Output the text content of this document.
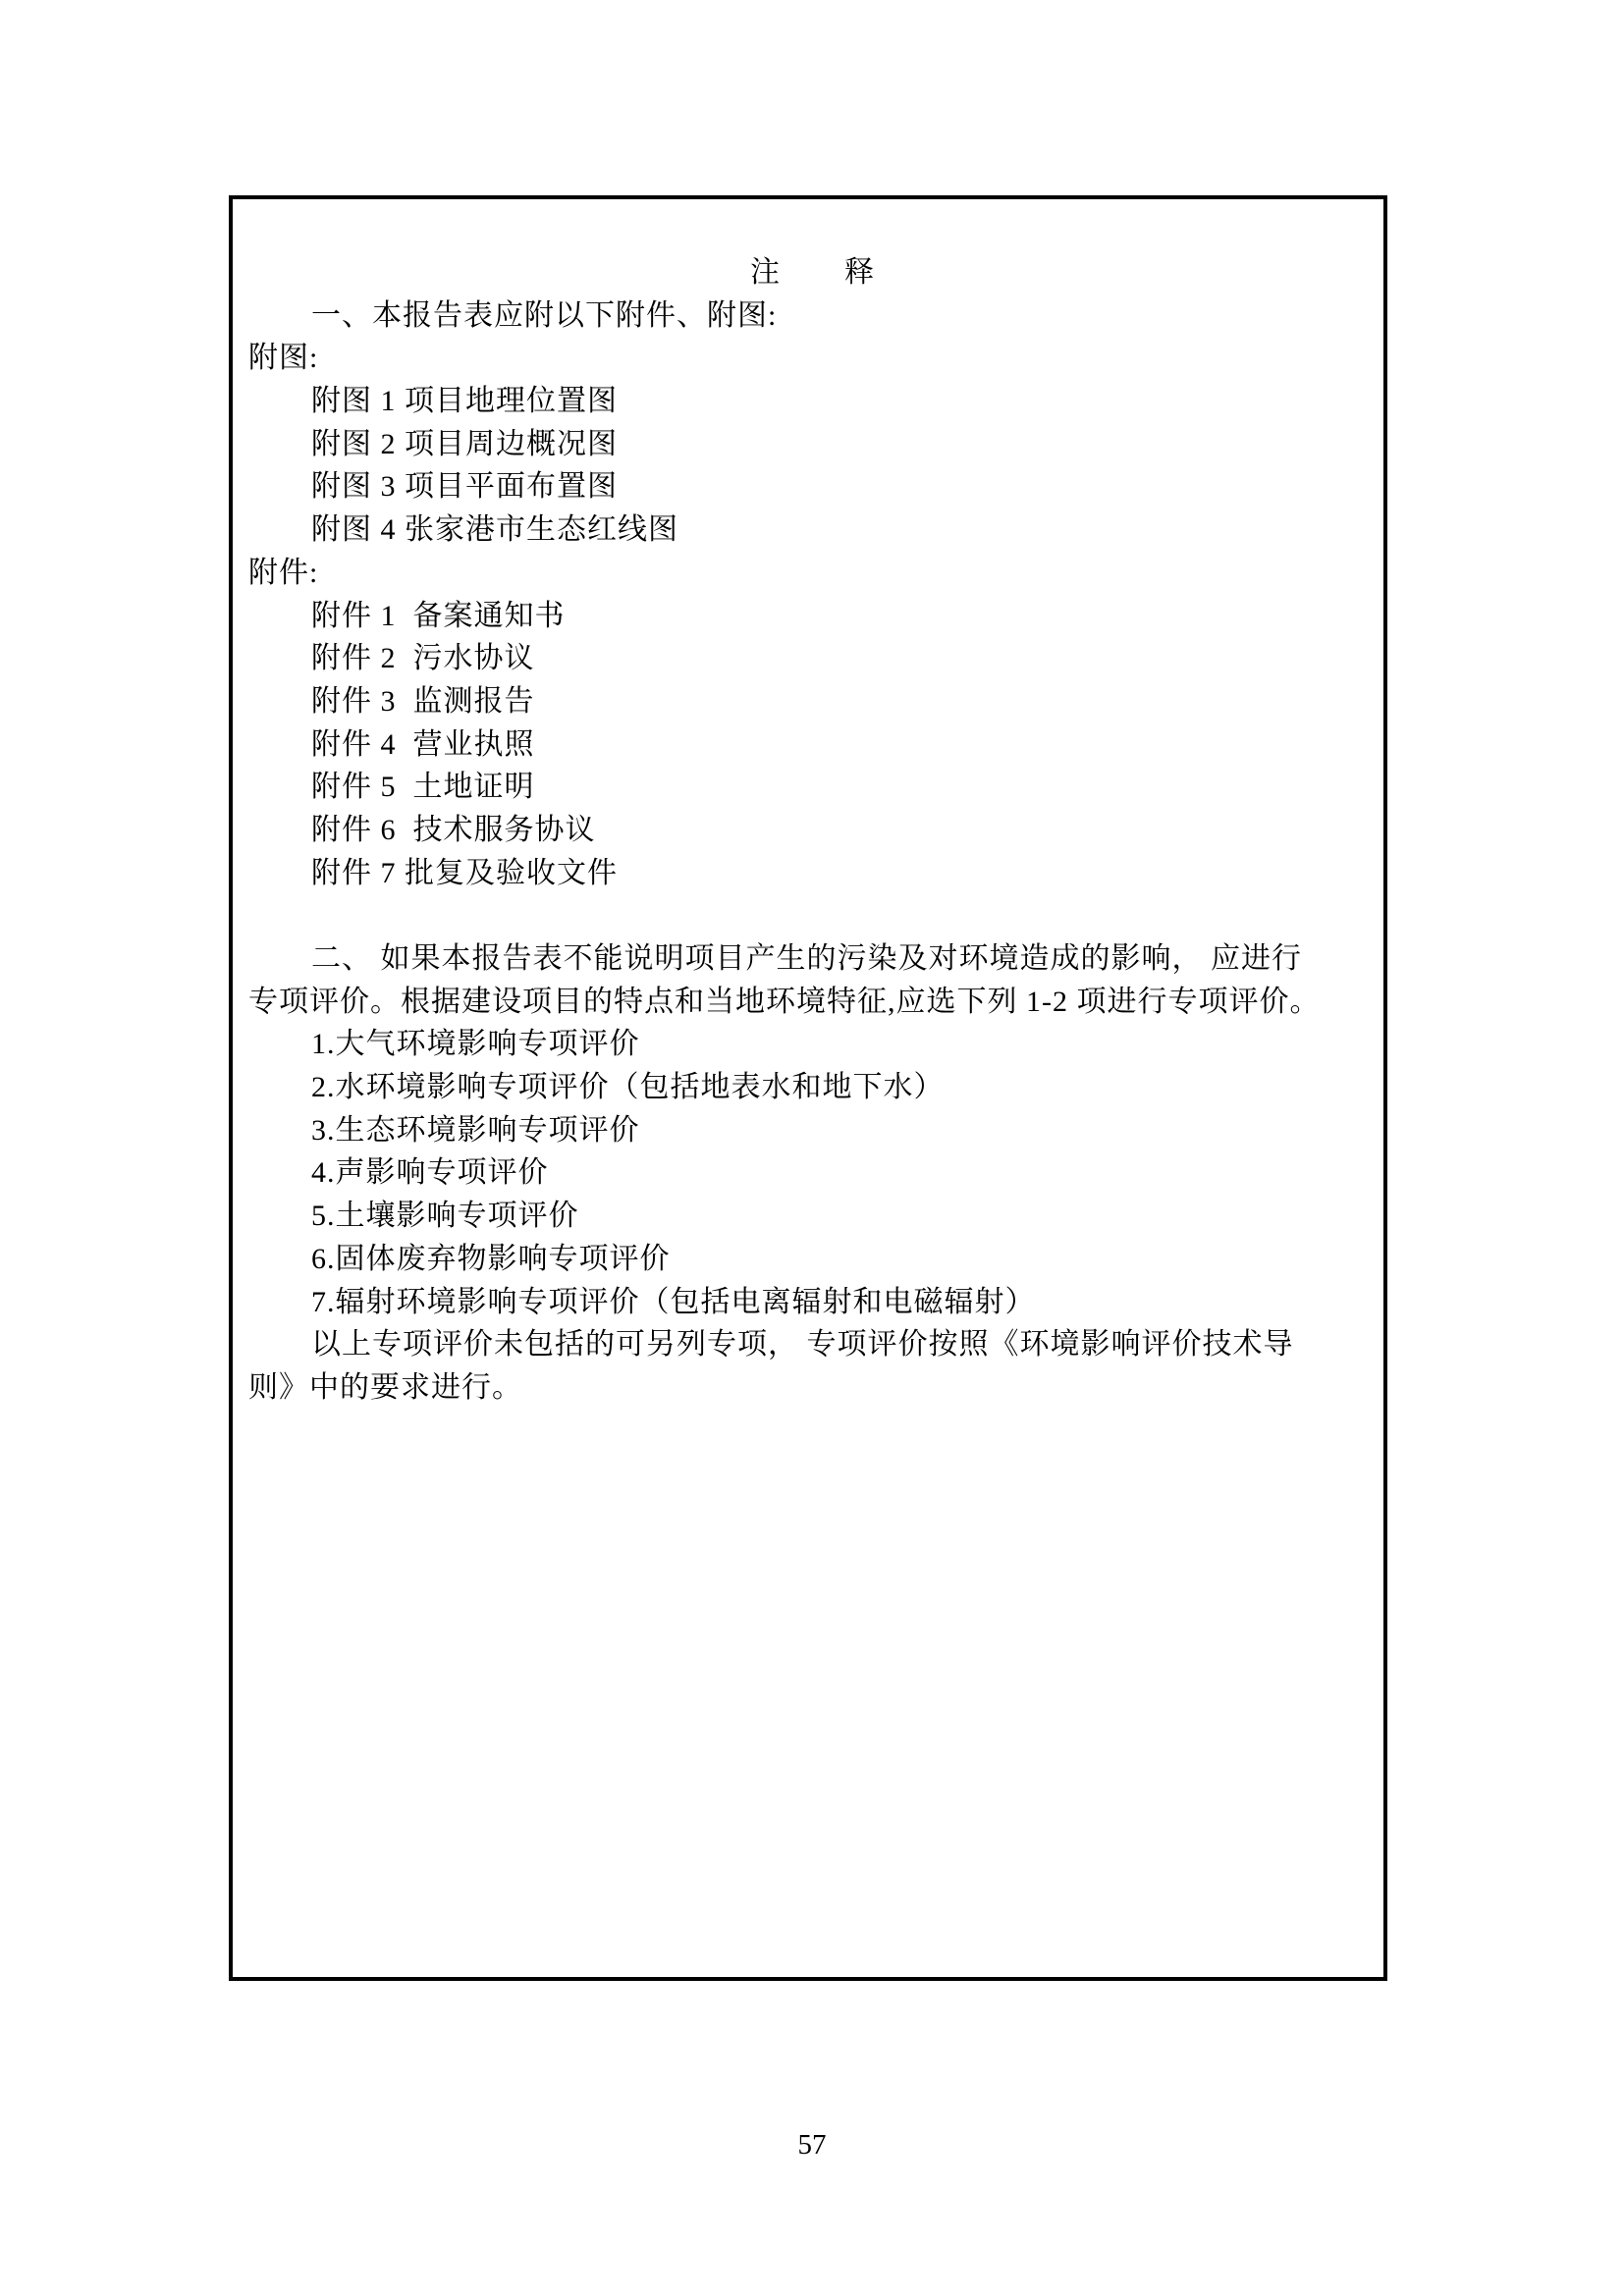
注　　释
一、本报告表应附以下附件、附图:
附图:
附图 1 项目地理位置图
附图 2 项目周边概况图
附图 3 项目平面布置图
附图 4 张家港市生态红线图
附件:
附件 1  备案通知书
附件 2  污水协议
附件 3  监测报告
附件 4  营业执照
附件 5  土地证明
附件 6  技术服务协议
附件 7 批复及验收文件
二、 如果本报告表不能说明项目产生的污染及对环境造成的影响， 应进行
专项评价。根据建设项目的特点和当地环境特征,应选下列 1-2 项进行专项评价。
1.大气环境影响专项评价
2.水环境影响专项评价（包括地表水和地下水）
3.生态环境影响专项评价
4.声影响专项评价
5.土壤影响专项评价
6.固体废弃物影响专项评价
7.辐射环境影响专项评价（包括电离辐射和电磁辐射）
以上专项评价未包括的可另列专项， 专项评价按照《环境影响评价技术导
则》中的要求进行。
57
